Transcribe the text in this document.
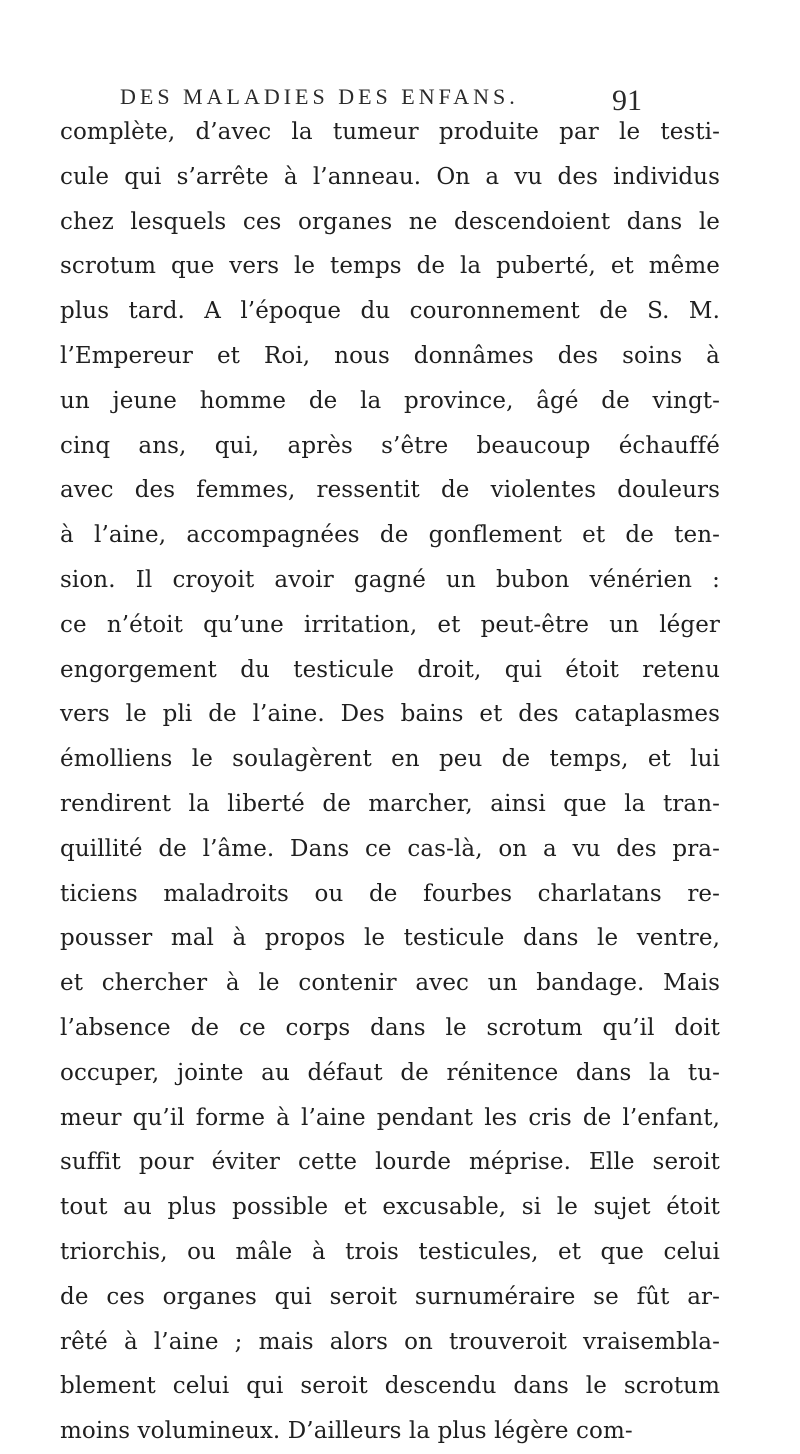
DES MALADIES DES ENFANS.	91
complète, d’avec la tumeur produite par le testi-
cule qui s’arrête à l’anneau. On a vu des individus
chez lesquels ces organes ne descendoient dans le
scrotum que vers le temps de la puberté, et même
plus tard. A l’époque du couronnement de S. M.
l’Empereur et Roi, nous donnâmes des soins à
un jeune homme de la province, âgé de vingt-
cinq ans, qui, après s’être beaucoup échauffé
avec des femmes, ressentit de violentes douleurs
à l’aine, accompagnées de gonflement et de ten-
sion. Il croyoit avoir gagné un bubon vénérien :
ce n’étoit qu’une irritation, et peut-être un léger
engorgement du testicule droit, qui étoit retenu
vers le pli de l’aine. Des bains et des cataplasmes
émolliens le soulagèrent en peu de temps, et lui
rendirent la liberté de marcher, ainsi que la tran-
quillité de l’âme. Dans ce cas-là, on a vu des pra-
ticiens maladroits ou de fourbes charlatans re-
pousser mal à propos le testicule dans le ventre,
et chercher à le contenir avec un bandage. Mais
l’absence de ce corps dans le scrotum qu’il doit
occuper, jointe au défaut de rénitence dans la tu-
meur qu’il forme à l’aine pendant les cris de l’enfant,
suffit pour éviter cette lourde méprise. Elle seroit
tout au plus possible et excusable, si le sujet étoit
triorchis, ou mâle à trois testicules, et que celui
de ces organes qui seroit surnuméraire se fût ar-
rêté à l’aine ; mais alors on trouveroit vraisembla-
blement celui qui seroit descendu dans le scrotum
moins volumineux. D’ailleurs la plus légère com-
